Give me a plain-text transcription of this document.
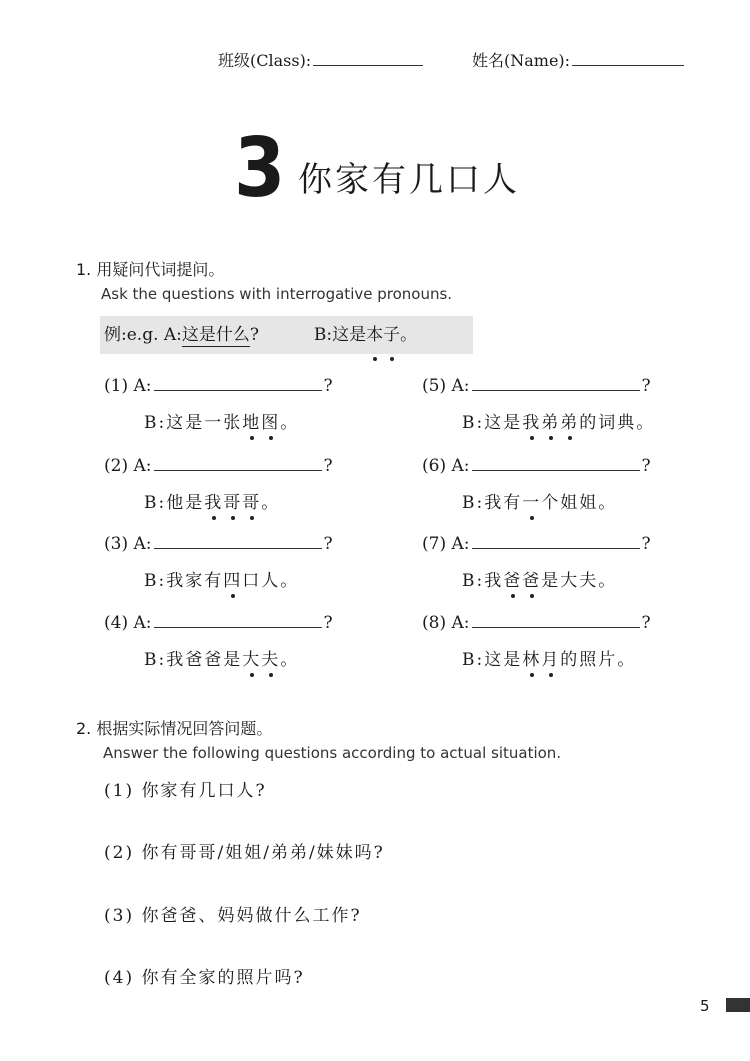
班级(Class):	姓名(Name):
3 你家有几口人
1. 用疑问代词提问。
Ask the questions with interrogative pronouns.
例:e.g. A:这是什么?	B:这是本子。
(1) A:	?
B:这是一张地图。
(2) A:	?
B:他是我哥哥。
(3) A:	?
B:我家有四口人。
(4) A:	?
B:我爸爸是大夫。
(5) A:	?
B:这是我弟弟的词典。
(6) A:	?
B:我有一个姐姐。
(7) A:	?
B:我爸爸是大夫。
(8) A:	?
B:这是林月的照片。
2. 根据实际情况回答问题。
Answer the following questions according to actual situation.
(1) 你家有几口人?
(2) 你有哥哥/姐姐/弟弟/妹妹吗?
(3) 你爸爸、妈妈做什么工作?
(4) 你有全家的照片吗?
5
